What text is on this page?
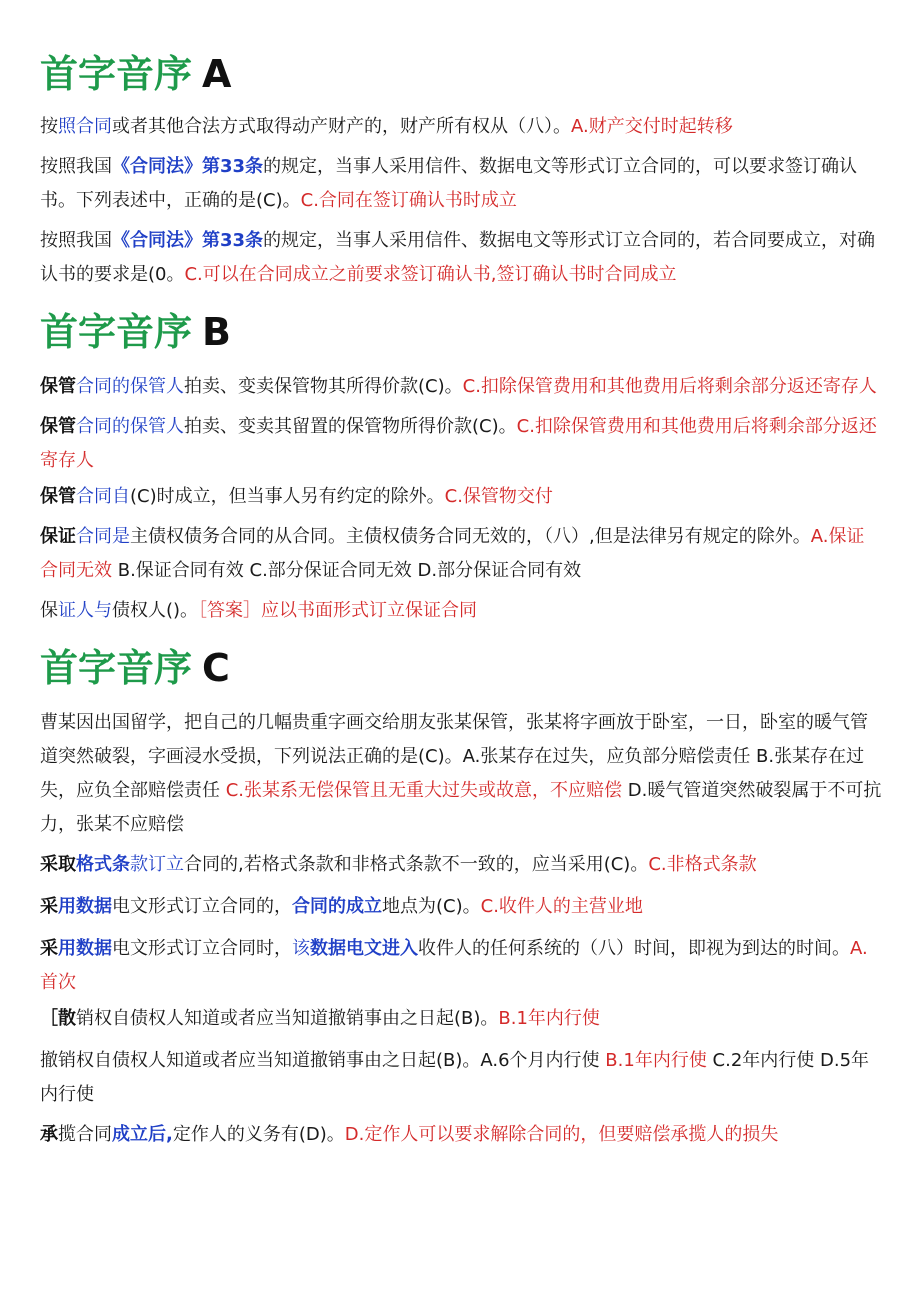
首字音序 A

按照合同或者其他合法方式取得动产财产的，财产所有权从（八）。A.财产交付时起转移

按照我国《合同法》第33条的规定，当事人采用信件、数据电文等形式订立合同的，可以要求签订确认书。下列表述中，正确的是(C)。C.合同在签订确认书时成立

按照我国《合同法》第33条的规定，当事人采用信件、数据电文等形式订立合同的，若合同要成立，对确认书的要求是(0。C.可以在合同成立之前要求签订确认书,签订确认书时合同成立

首字音序 B

保管合同的保管人拍卖、变卖保管物其所得价款(C)。C.扣除保管费用和其他费用后将剩余部分返还寄存人

保管合同的保管人拍卖、变卖其留置的保管物所得价款(C)。C.扣除保管费用和其他费用后将剩余部分返还寄存人

保管合同自(C)时成立，但当事人另有约定的除外。C.保管物交付

保证合同是主债权债务合同的从合同。主债权债务合同无效的，（八）,但是法律另有规定的除外。A.保证合同无效 B.保证合同有效 C.部分保证合同无效 D.部分保证合同有效

保证人与债权人()。［答案］应以书面形式订立保证合同

首字音序 C

曹某因出国留学，把自己的几幅贵重字画交给朋友张某保管，张某将字画放于卧室，一日，卧室的暖气管道突然破裂，字画浸水受损，下列说法正确的是(C)。A.张某存在过失，应负部分赔偿责任 B.张某存在过失，应负全部赔偿责任 C.张某系无偿保管且无重大过失或故意，不应赔偿 D.暖气管道突然破裂属于不可抗力，张某不应赔偿

采取格式条款订立合同的,若格式条款和非格式条款不一致的，应当采用(C)。C.非格式条款

采用数据电文形式订立合同的，合同的成立地点为(C)。C.收件人的主营业地

采用数据电文形式订立合同时，该数据电文进入收件人的任何系统的（八）时间，即视为到达的时间。A.首次

［散销权自债权人知道或者应当知道撤销事由之日起(B)。B.1年内行使

撤销权自债权人知道或者应当知道撤销事由之日起(B)。A.6个月内行使 B.1年内行使 C.2年内行使 D.5年内行使

承揽合同成立后,定作人的义务有(D)。D.定作人可以要求解除合同的，但要赔偿承揽人的损失
